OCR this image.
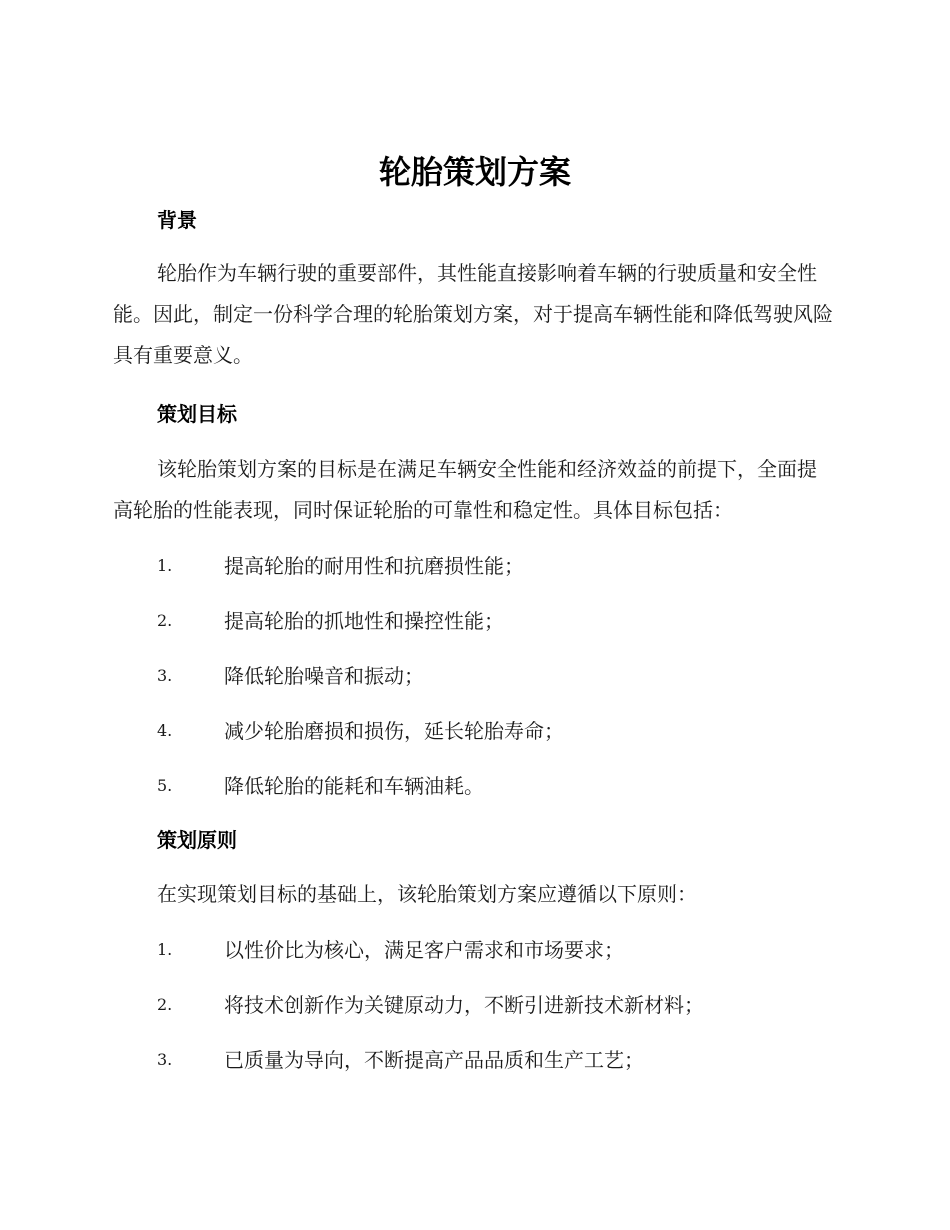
轮胎策划方案
背景
轮胎作为车辆行驶的重要部件，其性能直接影响着车辆的行驶质量和安全性能。因此，制定一份科学合理的轮胎策划方案，对于提高车辆性能和降低驾驶风险具有重要意义。
策划目标
该轮胎策划方案的目标是在满足车辆安全性能和经济效益的前提下，全面提高轮胎的性能表现，同时保证轮胎的可靠性和稳定性。具体目标包括：
1.	提高轮胎的耐用性和抗磨损性能；
2.	提高轮胎的抓地性和操控性能；
3.	降低轮胎噪音和振动；
4.	减少轮胎磨损和损伤，延长轮胎寿命；
5.	降低轮胎的能耗和车辆油耗。
策划原则
在实现策划目标的基础上，该轮胎策划方案应遵循以下原则：
1.	以性价比为核心，满足客户需求和市场要求；
2.	将技术创新作为关键原动力，不断引进新技术新材料；
3.	已质量为导向，不断提高产品品质和生产工艺；
